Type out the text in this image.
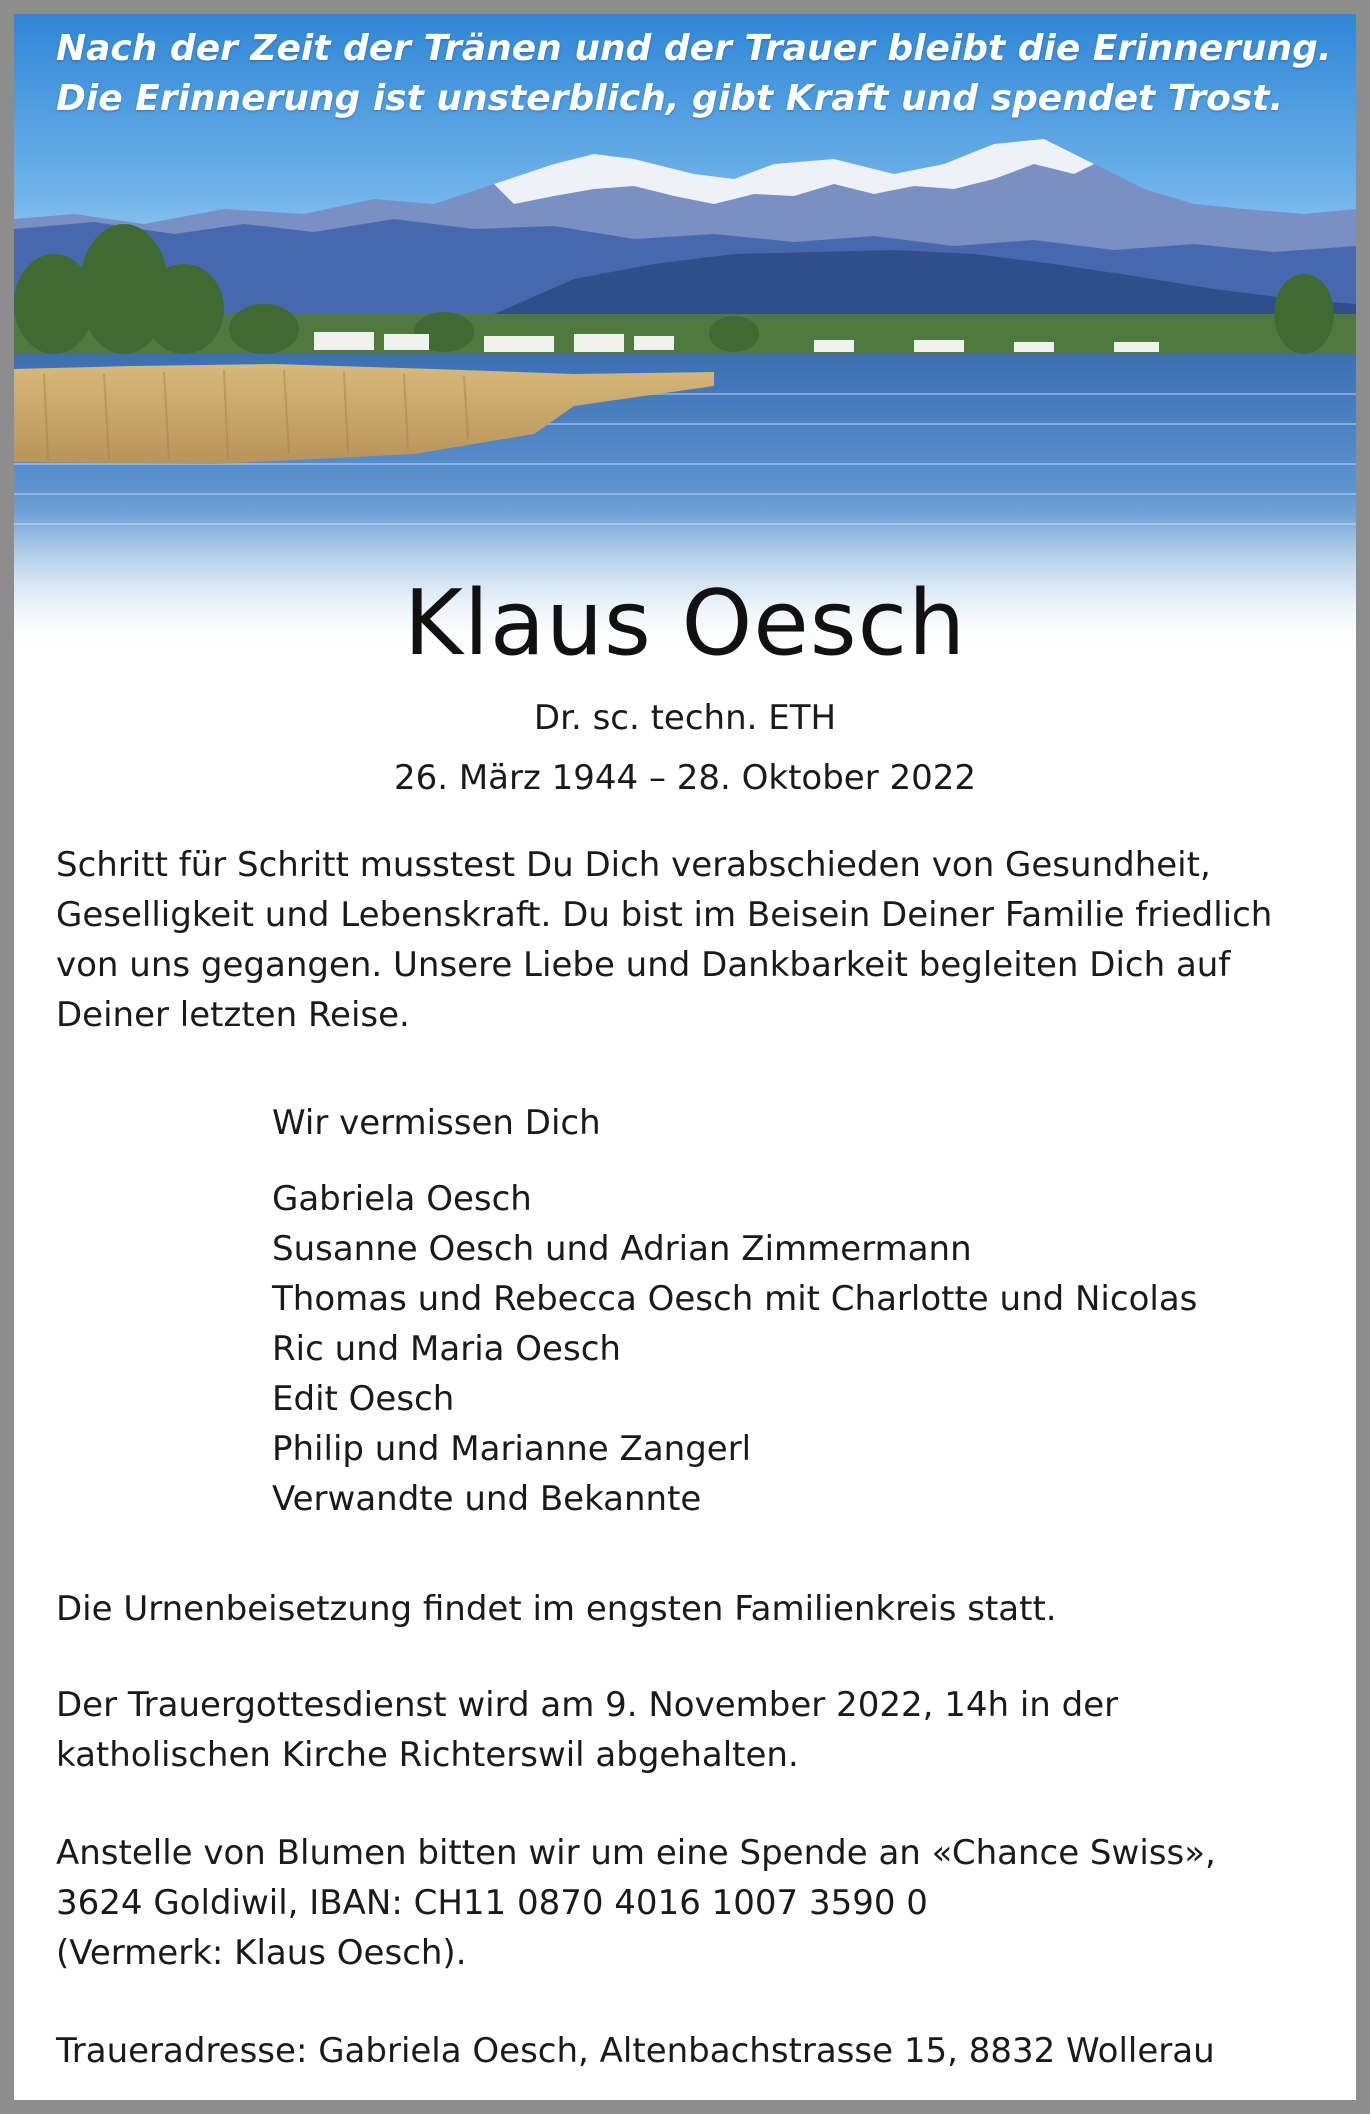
Nach der Zeit der Tränen und der Trauer bleibt die Erinnerung.
Die Erinnerung ist unsterblich, gibt Kraft und spendet Trost.
Klaus Oesch
Dr. sc. techn. ETH
26. März 1944 – 28. Oktober 2022
Schritt für Schritt musstest Du Dich verabschieden von Gesundheit,
Geselligkeit und Lebenskraft. Du bist im Beisein Deiner Familie friedlich
von uns gegangen. Unsere Liebe und Dankbarkeit begleiten Dich auf
Deiner letzten Reise.
Wir vermissen Dich
Gabriela Oesch
Susanne Oesch und Adrian Zimmermann
Thomas und Rebecca Oesch mit Charlotte und Nicolas
Ric und Maria Oesch
Edit Oesch
Philip und Marianne Zangerl
Verwandte und Bekannte
Die Urnenbeisetzung findet im engsten Familienkreis statt.
Der Trauergottesdienst wird am 9. November 2022, 14h in der
katholischen Kirche Richterswil abgehalten.
Anstelle von Blumen bitten wir um eine Spende an «Chance Swiss»,
3624 Goldiwil, IBAN: CH11 0870 4016 1007 3590 0
(Vermerk: Klaus Oesch).
Traueradresse: Gabriela Oesch, Altenbachstrasse 15, 8832 Wollerau
